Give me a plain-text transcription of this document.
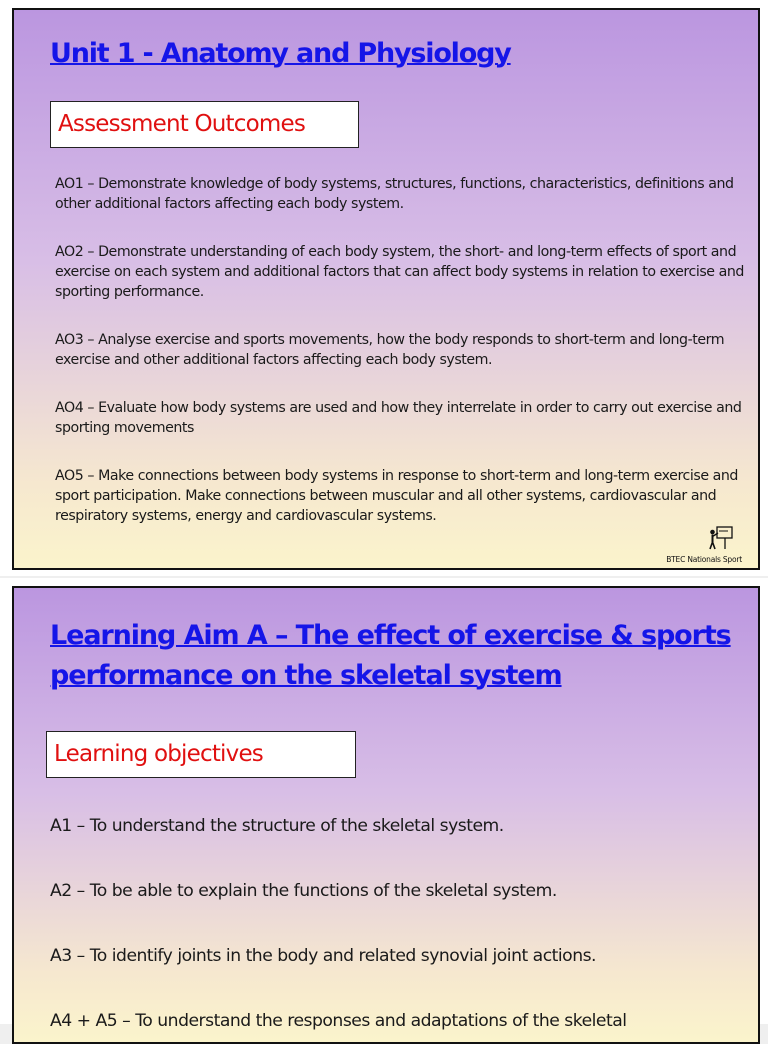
Unit 1 - Anatomy and Physiology
Assessment Outcomes

AO1 – Demonstrate knowledge of body systems, structures, functions, characteristics, definitions and other additional factors affecting each body system.

AO2 – Demonstrate understanding of each body system, the short- and long-term effects of sport and exercise on each system and additional factors that can affect body systems in relation to exercise and sporting performance.

AO3 – Analyse exercise and sports movements, how the body responds to short-term and long-term exercise and other additional factors affecting each body system.

AO4 – Evaluate how body systems are used and how they interrelate in order to carry out exercise and sporting movements

AO5 – Make connections between body systems in response to short-term and long-term exercise and sport participation. Make connections between muscular and all other systems, cardiovascular and respiratory systems, energy and cardiovascular systems.

BTEC Nationals Sport
Learning Aim A – The effect of exercise & sports
performance on the skeletal system
Learning objectives

A1 – To understand the structure of the skeletal system.

A2 – To be able to explain the functions of the skeletal system.

A3 – To identify joints in the body and related synovial joint actions.

A4 + A5 – To understand the responses and adaptations of the skeletal
